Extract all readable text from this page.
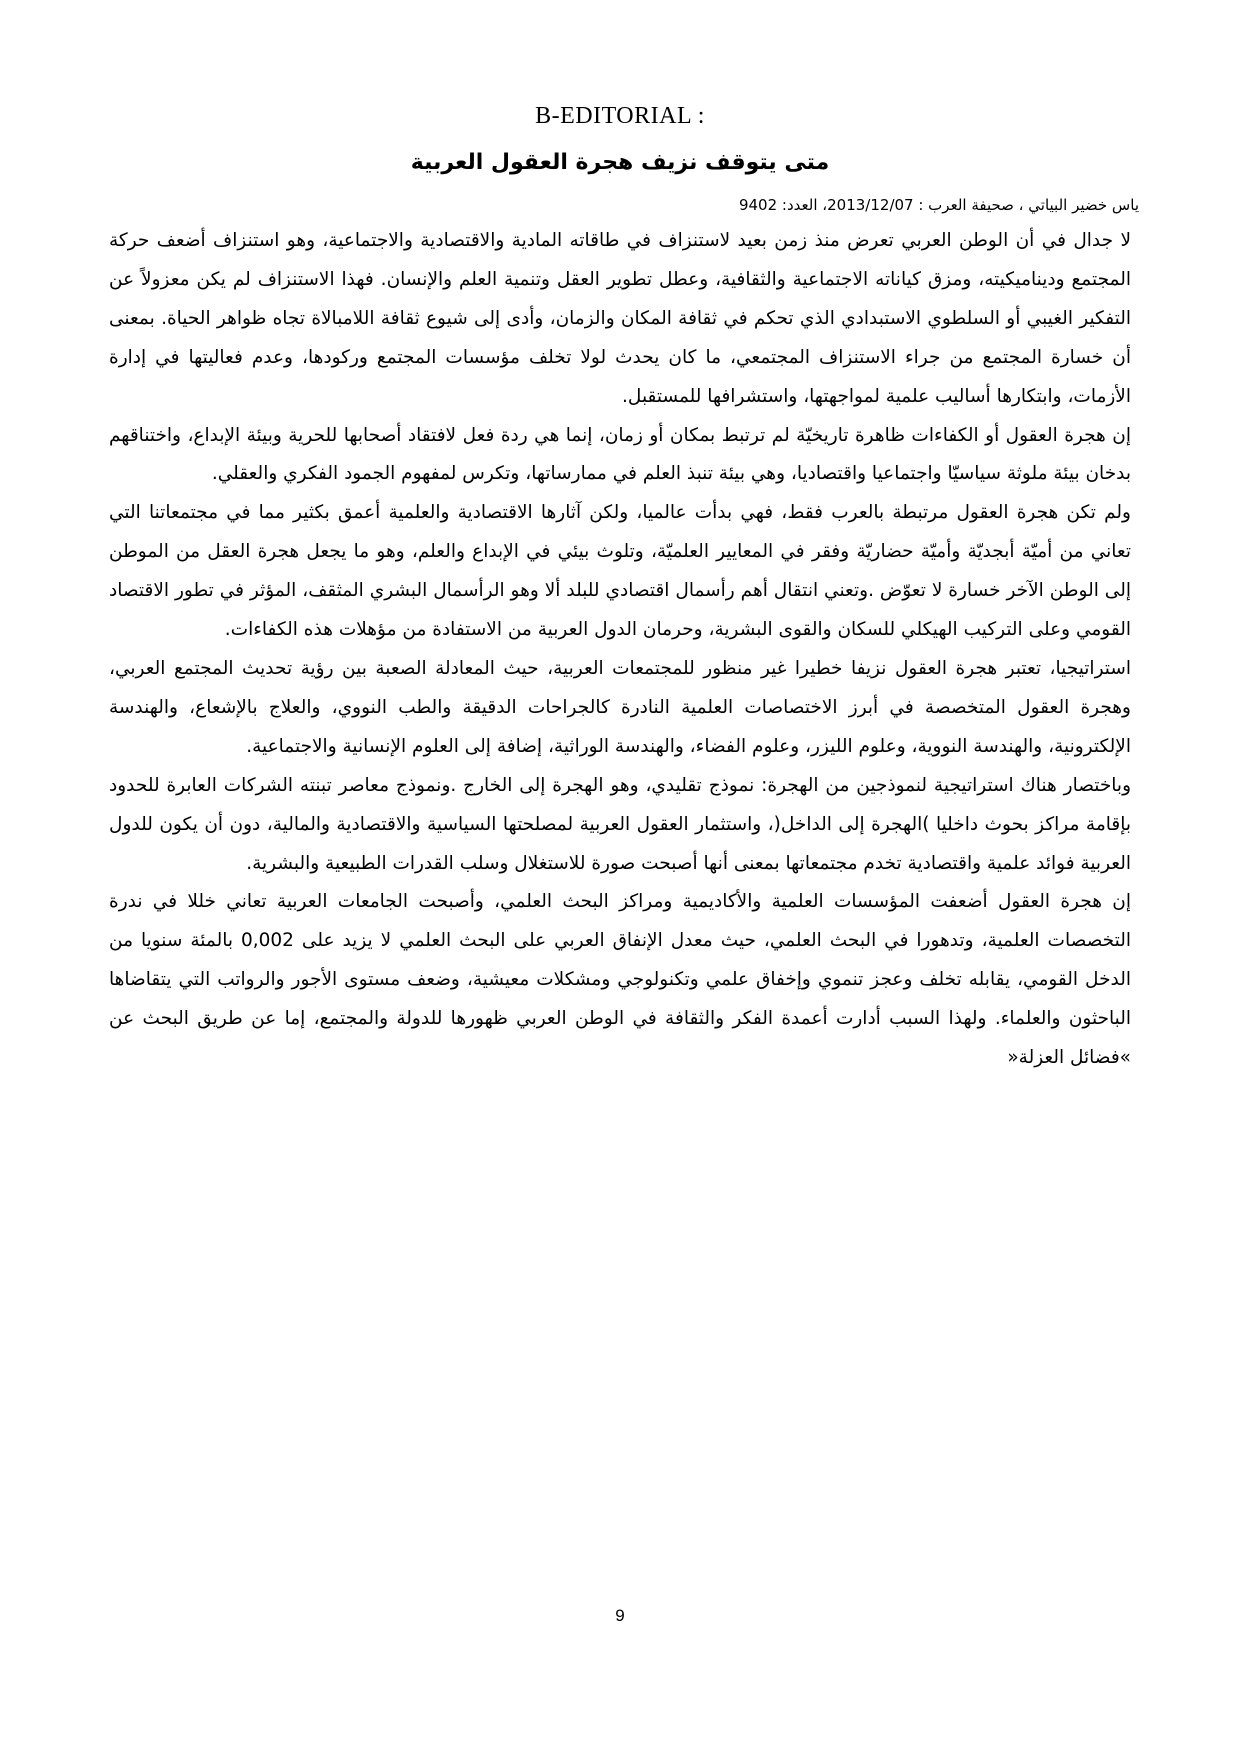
B-EDITORIAL :
متى يتوقف نزيف هجرة العقول العربية
ياس خضير البياتي ، صحيفة العرب : 2013/12/07، العدد: 9402

لا جدال في أن الوطن العربي تعرض منذ زمن بعيد لاستنزاف في طاقاته المادية والاقتصادية والاجتماعية، وهو استنزاف أضعف حركة المجتمع وديناميكيته، ومزق كياناته الاجتماعية والثقافية، وعطل تطوير العقل وتنمية العلم والإنسان. فهذا الاستنزاف لم يكن معزولاً عن التفكير الغيبي أو السلطوي الاستبدادي الذي تحكم في ثقافة المكان والزمان، وأدى إلى شيوع ثقافة اللامبالاة تجاه ظواهر الحياة. بمعنى أن خسارة المجتمع من جراء الاستنزاف المجتمعي، ما كان يحدث لولا تخلف مؤسسات المجتمع وركودها، وعدم فعاليتها في إدارة الأزمات، وابتكارها أساليب علمية لمواجهتها، واستشرافها للمستقبل.

إن هجرة العقول أو الكفاءات ظاهرة تاريخيّة لم ترتبط بمكان أو زمان، إنما هي ردة فعل لافتقاد أصحابها للحرية وبيئة الإبداع، واختناقهم بدخان بيئة ملوثة سياسيّا واجتماعيا واقتصاديا، وهي بيئة تنبذ العلم في ممارساتها، وتكرس لمفهوم الجمود الفكري والعقلي.

ولم تكن هجرة العقول مرتبطة بالعرب فقط، فهي بدأت عالميا، ولكن آثارها الاقتصادية والعلمية أعمق بكثير مما في مجتمعاتنا التي تعاني من أميّة أبجديّة وأميّة حضاريّة وفقر في المعايير العلميّة، وتلوث بيئي في الإبداع والعلم، وهو ما يجعل هجرة العقل من الموطن إلى الوطن الآخر خسارة لا تعوّض .وتعني انتقال أهم رأسمال اقتصادي للبلد ألا وهو الرأسمال البشري المثقف، المؤثر في تطور الاقتصاد القومي وعلى التركيب الهيكلي للسكان والقوى البشرية، وحرمان الدول العربية من الاستفادة من مؤهلات هذه الكفاءات.

استراتيجيا، تعتبر هجرة العقول نزيفا خطيرا غير منظور للمجتمعات العربية، حيث المعادلة الصعبة بين رؤية تحديث المجتمع العربي، وهجرة العقول المتخصصة في أبرز الاختصاصات العلمية النادرة كالجراحات الدقيقة والطب النووي، والعلاج بالإشعاع، والهندسة الإلكترونية، والهندسة النووية، وعلوم الليزر، وعلوم الفضاء، والهندسة الوراثية، إضافة إلى العلوم الإنسانية والاجتماعية.

وباختصار هناك استراتيجية لنموذجين من الهجرة: نموذج تقليدي، وهو الهجرة إلى الخارج .ونموذج معاصر تبنته الشركات العابرة للحدود بإقامة مراكز بحوث داخليا )الهجرة إلى الداخل(، واستثمار العقول العربية لمصلحتها السياسية والاقتصادية والمالية، دون أن يكون للدول العربية فوائد علمية واقتصادية تخدم مجتمعاتها بمعنى أنها أصبحت صورة للاستغلال وسلب القدرات الطبيعية والبشرية.

إن هجرة العقول أضعفت المؤسسات العلمية والأكاديمية ومراكز البحث العلمي، وأصبحت الجامعات العربية تعاني خللا في ندرة التخصصات العلمية، وتدهورا في البحث العلمي، حيث معدل الإنفاق العربي على البحث العلمي لا يزيد على 0,002 بالمئة سنويا من الدخل القومي، يقابله تخلف وعجز تنموي وإخفاق علمي وتكنولوجي ومشكلات معيشية، وضعف مستوى الأجور والرواتب التي يتقاضاها الباحثون والعلماء. ولهذا السبب أدارت أعمدة الفكر والثقافة في الوطن العربي ظهورها للدولة والمجتمع، إما عن طريق البحث عن »فضائل العزلة«

9
